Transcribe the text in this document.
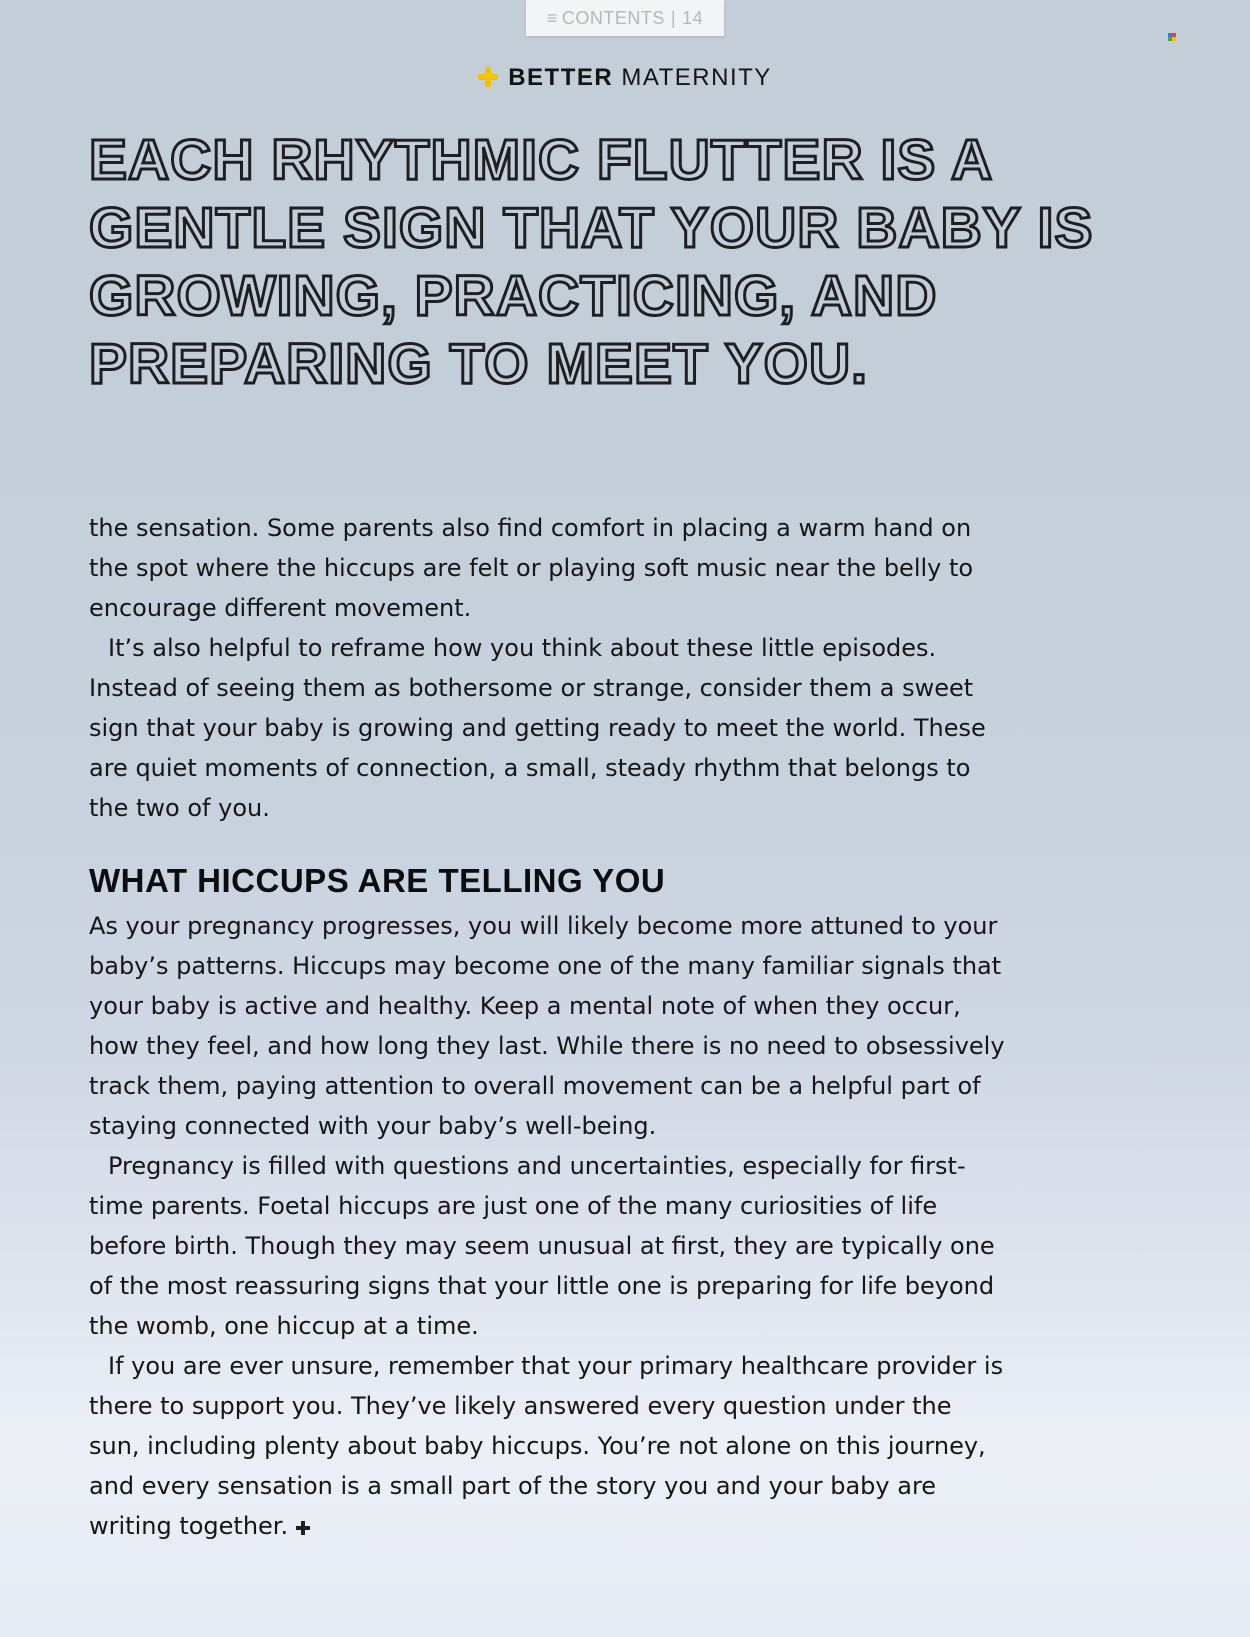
≡ CONTENTS | 14
BETTER MATERNITY
EACH RHYTHMIC FLUTTER IS A GENTLE SIGN THAT YOUR BABY IS GROWING, PRACTICING, AND PREPARING TO MEET YOU.

the sensation. Some parents also find comfort in placing a warm hand on the spot where the hiccups are felt or playing soft music near the belly to encourage different movement.

It’s also helpful to reframe how you think about these little episodes. Instead of seeing them as bothersome or strange, consider them a sweet sign that your baby is growing and getting ready to meet the world. These are quiet moments of connection, a small, steady rhythm that belongs to the two of you.

WHAT HICCUPS ARE TELLING YOU

As your pregnancy progresses, you will likely become more attuned to your baby’s patterns. Hiccups may become one of the many familiar signals that your baby is active and healthy. Keep a mental note of when they occur, how they feel, and how long they last. While there is no need to obsessively track them, paying attention to overall movement can be a helpful part of staying connected with your baby’s well-being.

Pregnancy is filled with questions and uncertainties, especially for first-time parents. Foetal hiccups are just one of the many curiosities of life before birth. Though they may seem unusual at first, they are typically one of the most reassuring signs that your little one is preparing for life beyond the womb, one hiccup at a time.

If you are ever unsure, remember that your primary healthcare provider is there to support you. They’ve likely answered every question under the sun, including plenty about baby hiccups. You’re not alone on this journey, and every sensation is a small part of the story you and your baby are writing together.
